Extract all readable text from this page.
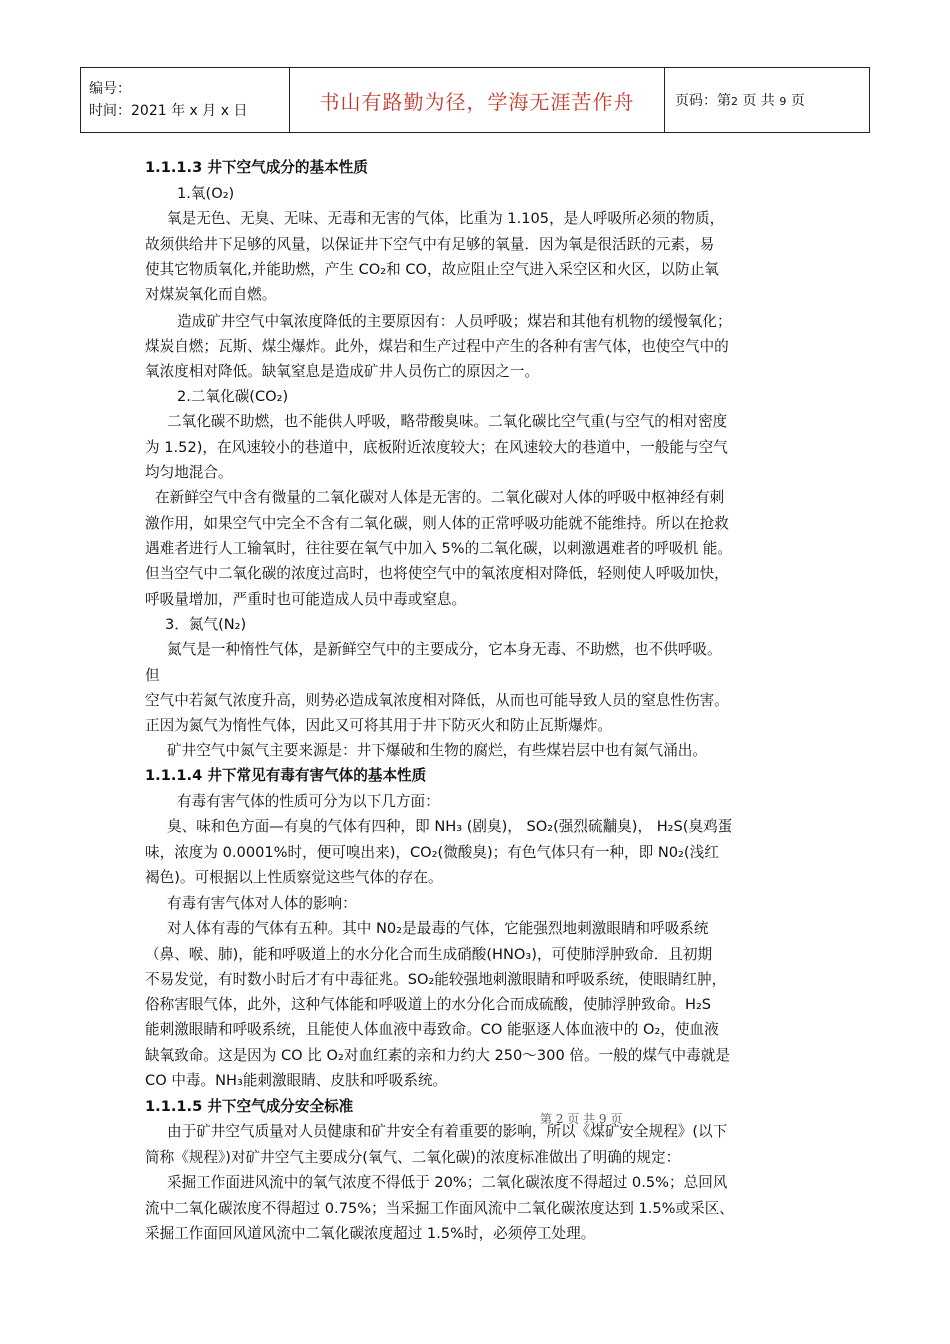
编号：
时间：2021 年 x 月 x 日	书山有路勤为径，学海无涯苦作舟	页码：第2 页 共 9 页
1.1.1.3 井下空气成分的基本性质
1.氧(O₂)
氧是无色、无臭、无味、无毒和无害的气体，比重为 1.105，是人呼吸所必须的物质，
故须供给井下足够的风量，以保证井下空气中有足够的氧量．因为氧是很活跃的元素，易
使其它物质氧化,并能助燃，产生 CO₂和 CO，故应阻止空气进入采空区和火区，以防止氧
对煤炭氧化而自燃。
造成矿井空气中氧浓度降低的主要原因有：人员呼吸；煤岩和其他有机物的缓慢氧化；
煤炭自燃；瓦斯、煤尘爆炸。此外，煤岩和生产过程中产生的各种有害气体，也使空气中的
氧浓度相对降低。缺氧窒息是造成矿井人员伤亡的原因之一。
2.二氧化碳(CO₂)
二氧化碳不助燃，也不能供人呼吸，略带酸臭味。二氧化碳比空气重(与空气的相对密度
为 1.52)，在风速较小的巷道中，底板附近浓度较大；在风速较大的巷道中，一般能与空气
均匀地混合。
在新鲜空气中含有微量的二氧化碳对人体是无害的。二氧化碳对人体的呼吸中枢神经有刺
激作用，如果空气中完全不含有二氧化碳，则人体的正常呼吸功能就不能维持。所以在抢救
遇难者进行人工输氧时，往往要在氧气中加入 5%的二氧化碳，以刺激遇难者的呼吸机 能。
但当空气中二氧化碳的浓度过高时，也将使空气中的氧浓度相对降低，轻则使人呼吸加快，
呼吸量增加，严重时也可能造成人员中毒或窒息。
3．氮气(N₂)
氮气是一种惰性气体，是新鲜空气中的主要成分，它本身无毒、不助燃，也不供呼吸。
但
空气中若氮气浓度升高，则势必造成氧浓度相对降低，从而也可能导致人员的窒息性伤害。
正因为氮气为惰性气体，因此又可将其用于井下防灭火和防止瓦斯爆炸。
矿井空气中氮气主要来源是：井下爆破和生物的腐烂，有些煤岩层中也有氮气涌出。
1.1.1.4 井下常见有毒有害气体的基本性质
有毒有害气体的性质可分为以下几方面：
臭、味和色方面—有臭的气体有四种，即 NH₃ (剧臭)， SO₂(强烈硫黼臭)， H₂S(臭鸡蛋
味，浓度为 0.0001%时，便可嗅出来)，CO₂(微酸臭)；有色气体只有一种，即 N0₂(浅红
褐色)。可根据以上性质察觉这些气体的存在。
有毒有害气体对人体的影响：
对人体有毒的气体有五种。其中 N0₂是最毒的气体，它能强烈地刺激眼睛和呼吸系统
（鼻、喉、肺)，能和呼吸道上的水分化合而生成硝酸(HNO₃)，可使肺浮肿致命．且初期
不易发觉，有时数小时后才有中毒征兆。SO₂能较强地刺激眼睛和呼吸系统，使眼睛红肿，
俗称害眼气体，此外，这种气体能和呼吸道上的水分化合而成硫酸，使肺浮肿致命。H₂S
能刺激眼睛和呼吸系统，且能使人体血液中毒致命。CO 能驱逐人体血液中的 O₂，使血液
缺氧致命。这是因为 CO 比 O₂对血红素的亲和力约大 250～300 倍。一般的煤气中毒就是
CO 中毒。NH₃能刺激眼睛、皮肤和呼吸系统。
1.1.1.5 井下空气成分安全标准
由于矿井空气质量对人员健康和矿井安全有着重要的影响，所以《煤矿安全规程》(以下
简称《规程》)对矿井空气主要成分(氧气、二氧化碳)的浓度标准做出了明确的规定：
采掘工作面进风流中的氧气浓度不得低于 20%；二氧化碳浓度不得超过 0.5%；总回风
流中二氧化碳浓度不得超过 0.75%；当采掘工作面风流中二氧化碳浓度达到 1.5%或采区、
采掘工作面回风道风流中二氧化碳浓度超过 1.5%时，必须停工处理。
第 2 页 共 9 页
